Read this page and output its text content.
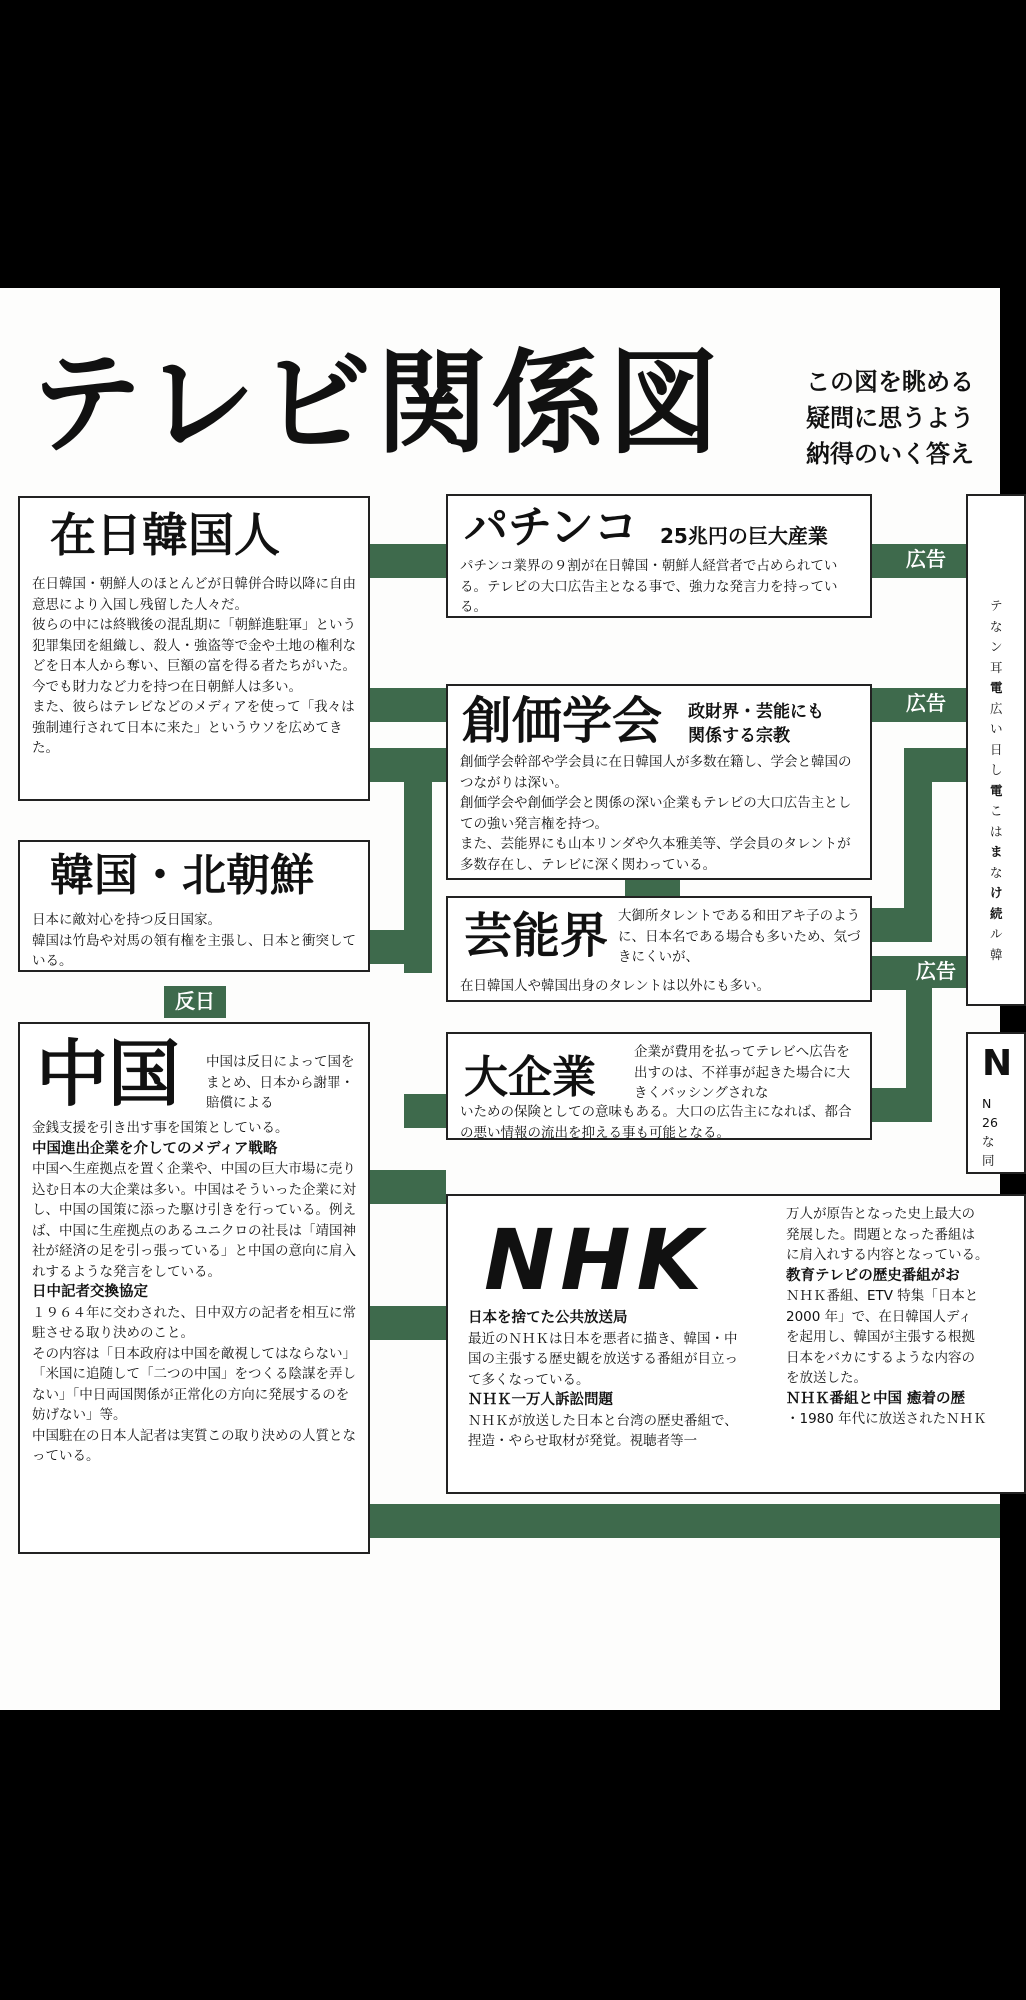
テレビ関係図	この図を眺める
疑問に思うよう
納得のいく答え
在日韓国人

在日韓国・朝鮮人のほとんどが日韓併合時以降に自由意思により入国し残留した人々だ。

彼らの中には終戦後の混乱期に「朝鮮進駐軍」という犯罪集団を組織し、殺人・強盗等で金や土地の権利などを日本人から奪い、巨額の富を得る者たちがいた。

今でも財力など力を持つ在日朝鮮人は多い。

また、彼らはテレビなどのメディアを使って「我々は強制連行されて日本に来た」というウソを広めてきた。

韓国・北朝鮮

日本に敵対心を持つ反日国家。

韓国は竹島や対馬の領有権を主張し、日本と衝突している。

反日
中国 中国は反日によって国をまとめ、日本から謝罪・賠償による

金銭支援を引き出す事を国策としている。

中国進出企業を介してのメディア戦略

中国へ生産拠点を置く企業や、中国の巨大市場に売り込む日本の大企業は多い。中国はそういった企業に対し、中国の国策に添った駆け引きを行っている。例えば、中国に生産拠点のあるユニクロの社長は「靖国神社が経済の足を引っ張っている」と中国の意向に肩入れするような発言をしている。

日中記者交換協定

１９６４年に交わされた、日中双方の記者を相互に常駐させる取り決めのこと。

その内容は「日本政府は中国を敵視してはならない」「米国に追随して「二つの中国」をつくる陰謀を弄しない」「中日両国関係が正常化の方向に発展するのを妨げない」等。

中国駐在の日本人記者は実質この取り決めの人質となっている。

パチンコ 25兆円の巨大産業
パチンコ業界の９割が在日韓国・朝鮮人経営者で占められている。テレビの大口広告主となる事で、強力な発言力を持っている。
創価学会 政財界・芸能にも
関係する宗教

創価学会幹部や学会員に在日韓国人が多数在籍し、学会と韓国のつながりは深い。

創価学会や創価学会と関係の深い企業もテレビの大口広告主としての強い発言権を持つ。

また、芸能界にも山本リンダや久本雅美等、学会員のタレントが多数存在し、テレビに深く関わっている。

芸能界 大御所タレントである和田アキ子のように、日本名である場合も多いため、気づきにくいが、
在日韓国人や韓国出身のタレントは以外にも多い。
大企業	企業が費用を払ってテレビへ広告を出すのは、不祥事が起きた場合に大きくバッシングされな
いための保険としての意味もある。大口の広告主になれば、都合の悪い情報の流出を抑える事も可能となる。
広告
広告
広告
NHK

日本を捨てた公共放送局

最近のＮＨＫは日本を悪者に描き、韓国・中国の主張する歴史観を放送する番組が目立って多くなっている。

ＮＨＫ一万人訴訟問題

ＮＨＫが放送した日本と台湾の歴史番組で、捏造・やらせ取材が発覚。視聴者等一

万人が原告となった史上最大の

発展した。問題となった番組は

に肩入れする内容となっている。

教育テレビの歴史番組がお

ＮＨＫ番組、ETV 特集「日本と

2000 年」で、在日韓国人ディ

を起用し、韓国が主張する根拠

日本をバカにするような内容の

を放送した。

ＮＨＫ番組と中国 癒着の歴

・1980 年代に放送されたＮＨＫ

テ

な

ン

耳

電

広

い

日

し

電

こ

は

ま

な

け

続

ル

韓

N

N

26

な

同
